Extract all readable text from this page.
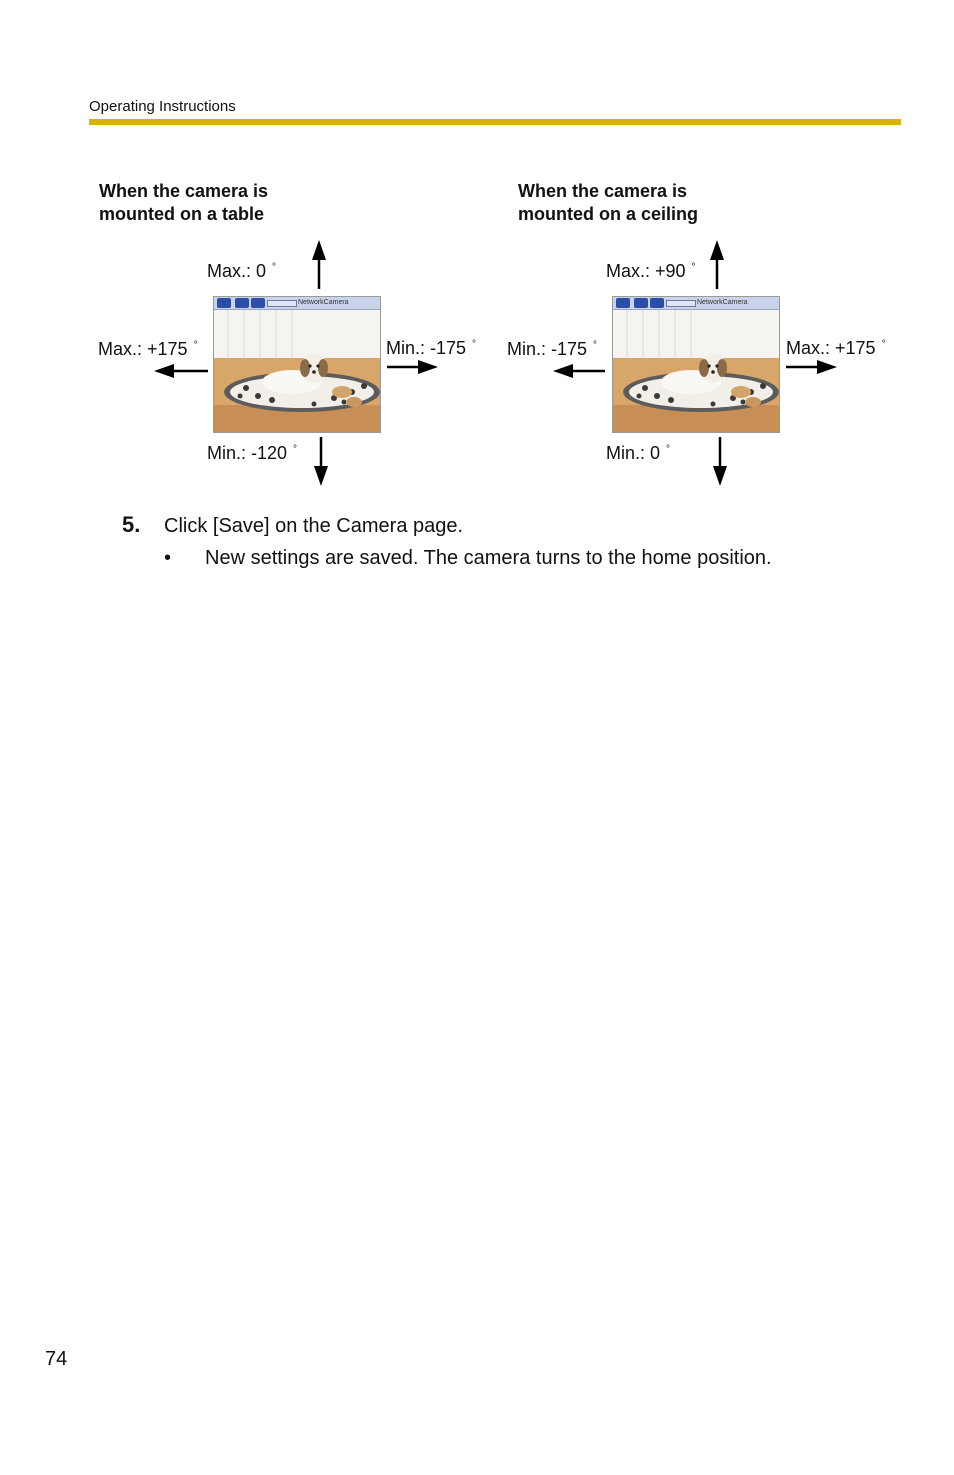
Operating Instructions
When the camera is
mounted on a table
Max.: 0 °
Max.: +175 °	Min.: -175 °
Min.: -120 °
NetworkCamera
When the camera is
mounted on a ceiling
Max.: +90 °
Min.: -175 °	Max.: +175 °
Min.: 0 °
NetworkCamera
5. Click [Save] on the Camera page.
• New settings are saved. The camera turns to the home position.
74
